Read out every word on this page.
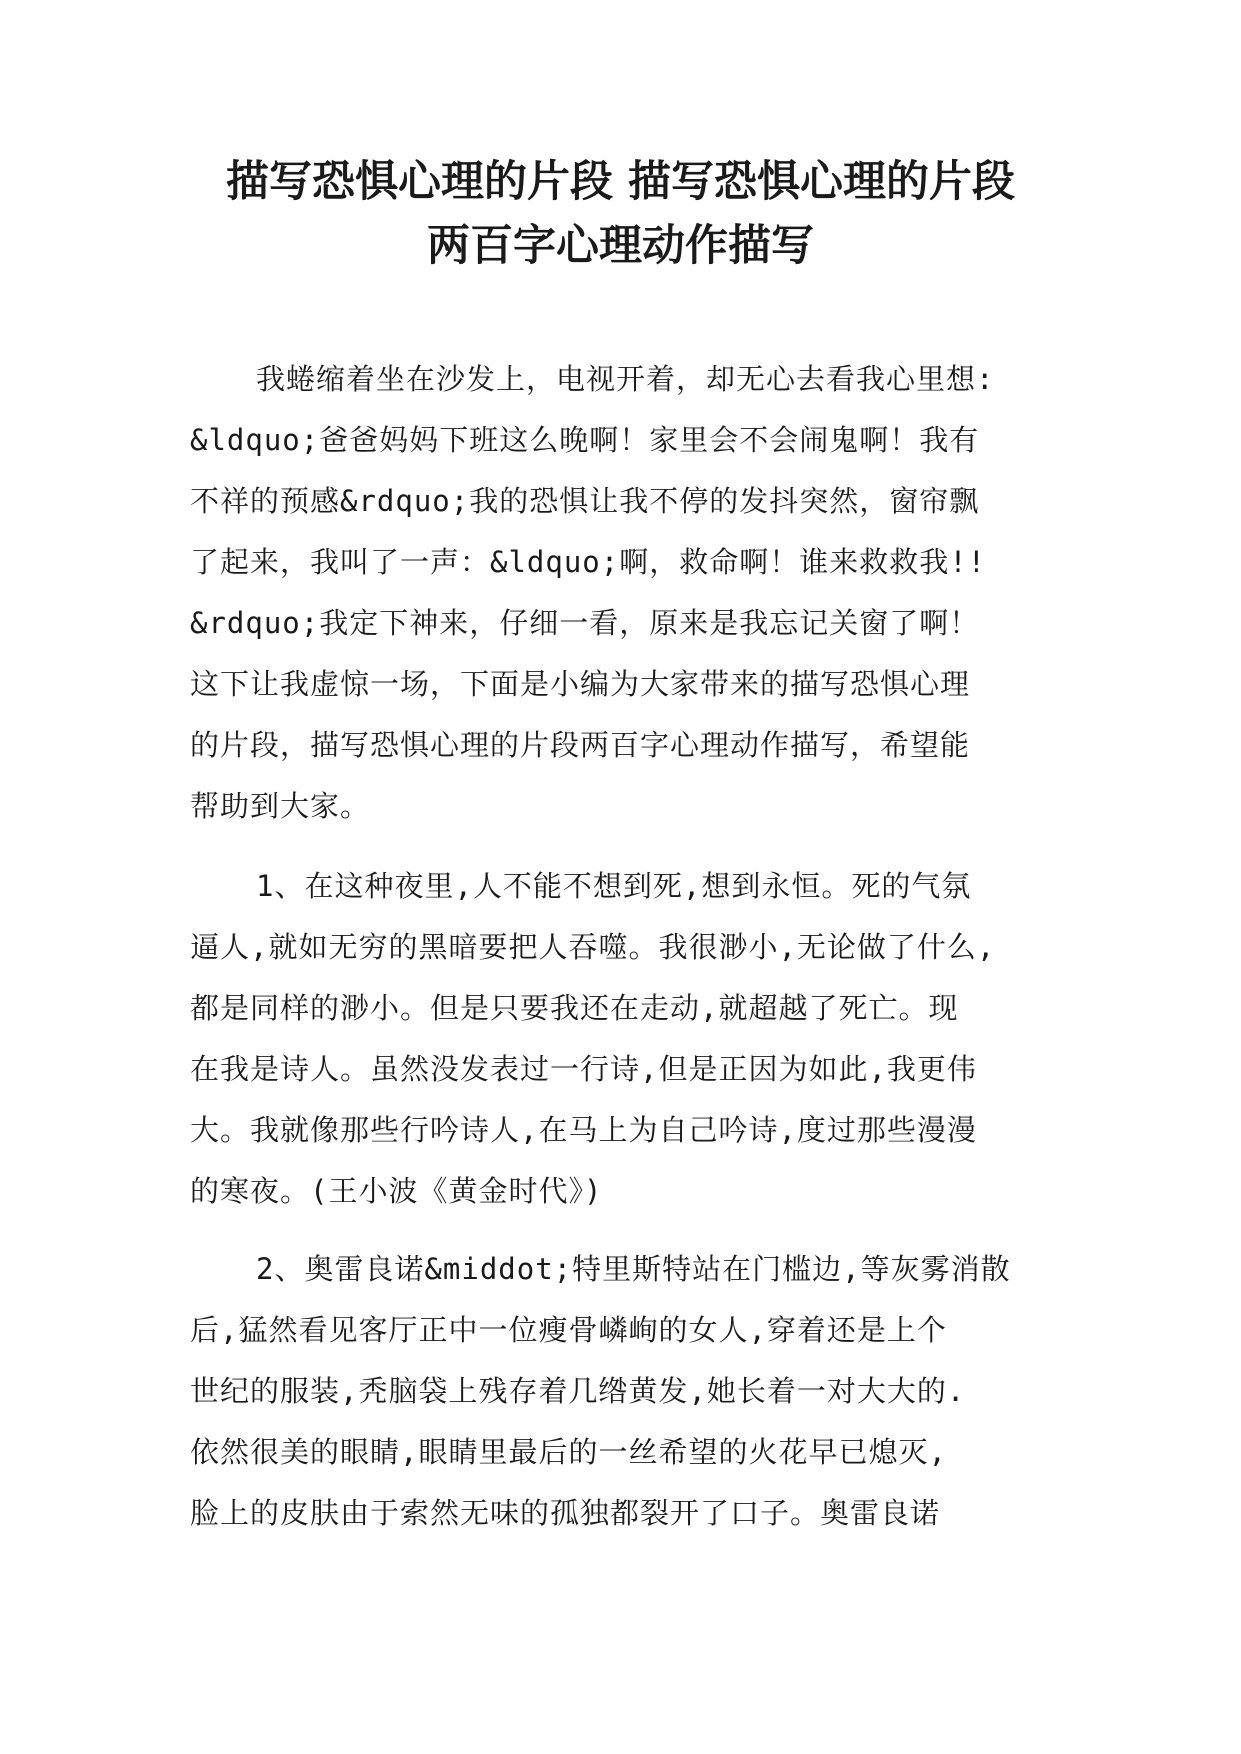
描写恐惧心理的片段 描写恐惧心理的片段
两百字心理动作描写
我蜷缩着坐在沙发上，电视开着，却无心去看我心里想:
&ldquo;爸爸妈妈下班这么晚啊！家里会不会闹鬼啊！我有
不祥的预感&rdquo;我的恐惧让我不停的发抖突然，窗帘飘
了起来，我叫了一声：&ldquo;啊，救命啊！谁来救救我!!
&rdquo;我定下神来，仔细一看，原来是我忘记关窗了啊！
这下让我虚惊一场，下面是小编为大家带来的描写恐惧心理
的片段，描写恐惧心理的片段两百字心理动作描写，希望能
帮助到大家。
1、在这种夜里,人不能不想到死,想到永恒。死的气氛
逼人,就如无穷的黑暗要把人吞噬。我很渺小,无论做了什么,
都是同样的渺小。但是只要我还在走动,就超越了死亡。现
在我是诗人。虽然没发表过一行诗,但是正因为如此,我更伟
大。我就像那些行吟诗人,在马上为自己吟诗,度过那些漫漫
的寒夜。(王小波《黄金时代》)
2、奥雷良诺&middot;特里斯特站在门槛边,等灰雾消散
后,猛然看见客厅正中一位瘦骨嶙峋的女人,穿着还是上个
世纪的服装,秃脑袋上残存着几绺黄发,她长着一对大大的.
依然很美的眼睛,眼睛里最后的一丝希望的火花早已熄灭,
脸上的皮肤由于索然无味的孤独都裂开了口子。奥雷良诺
